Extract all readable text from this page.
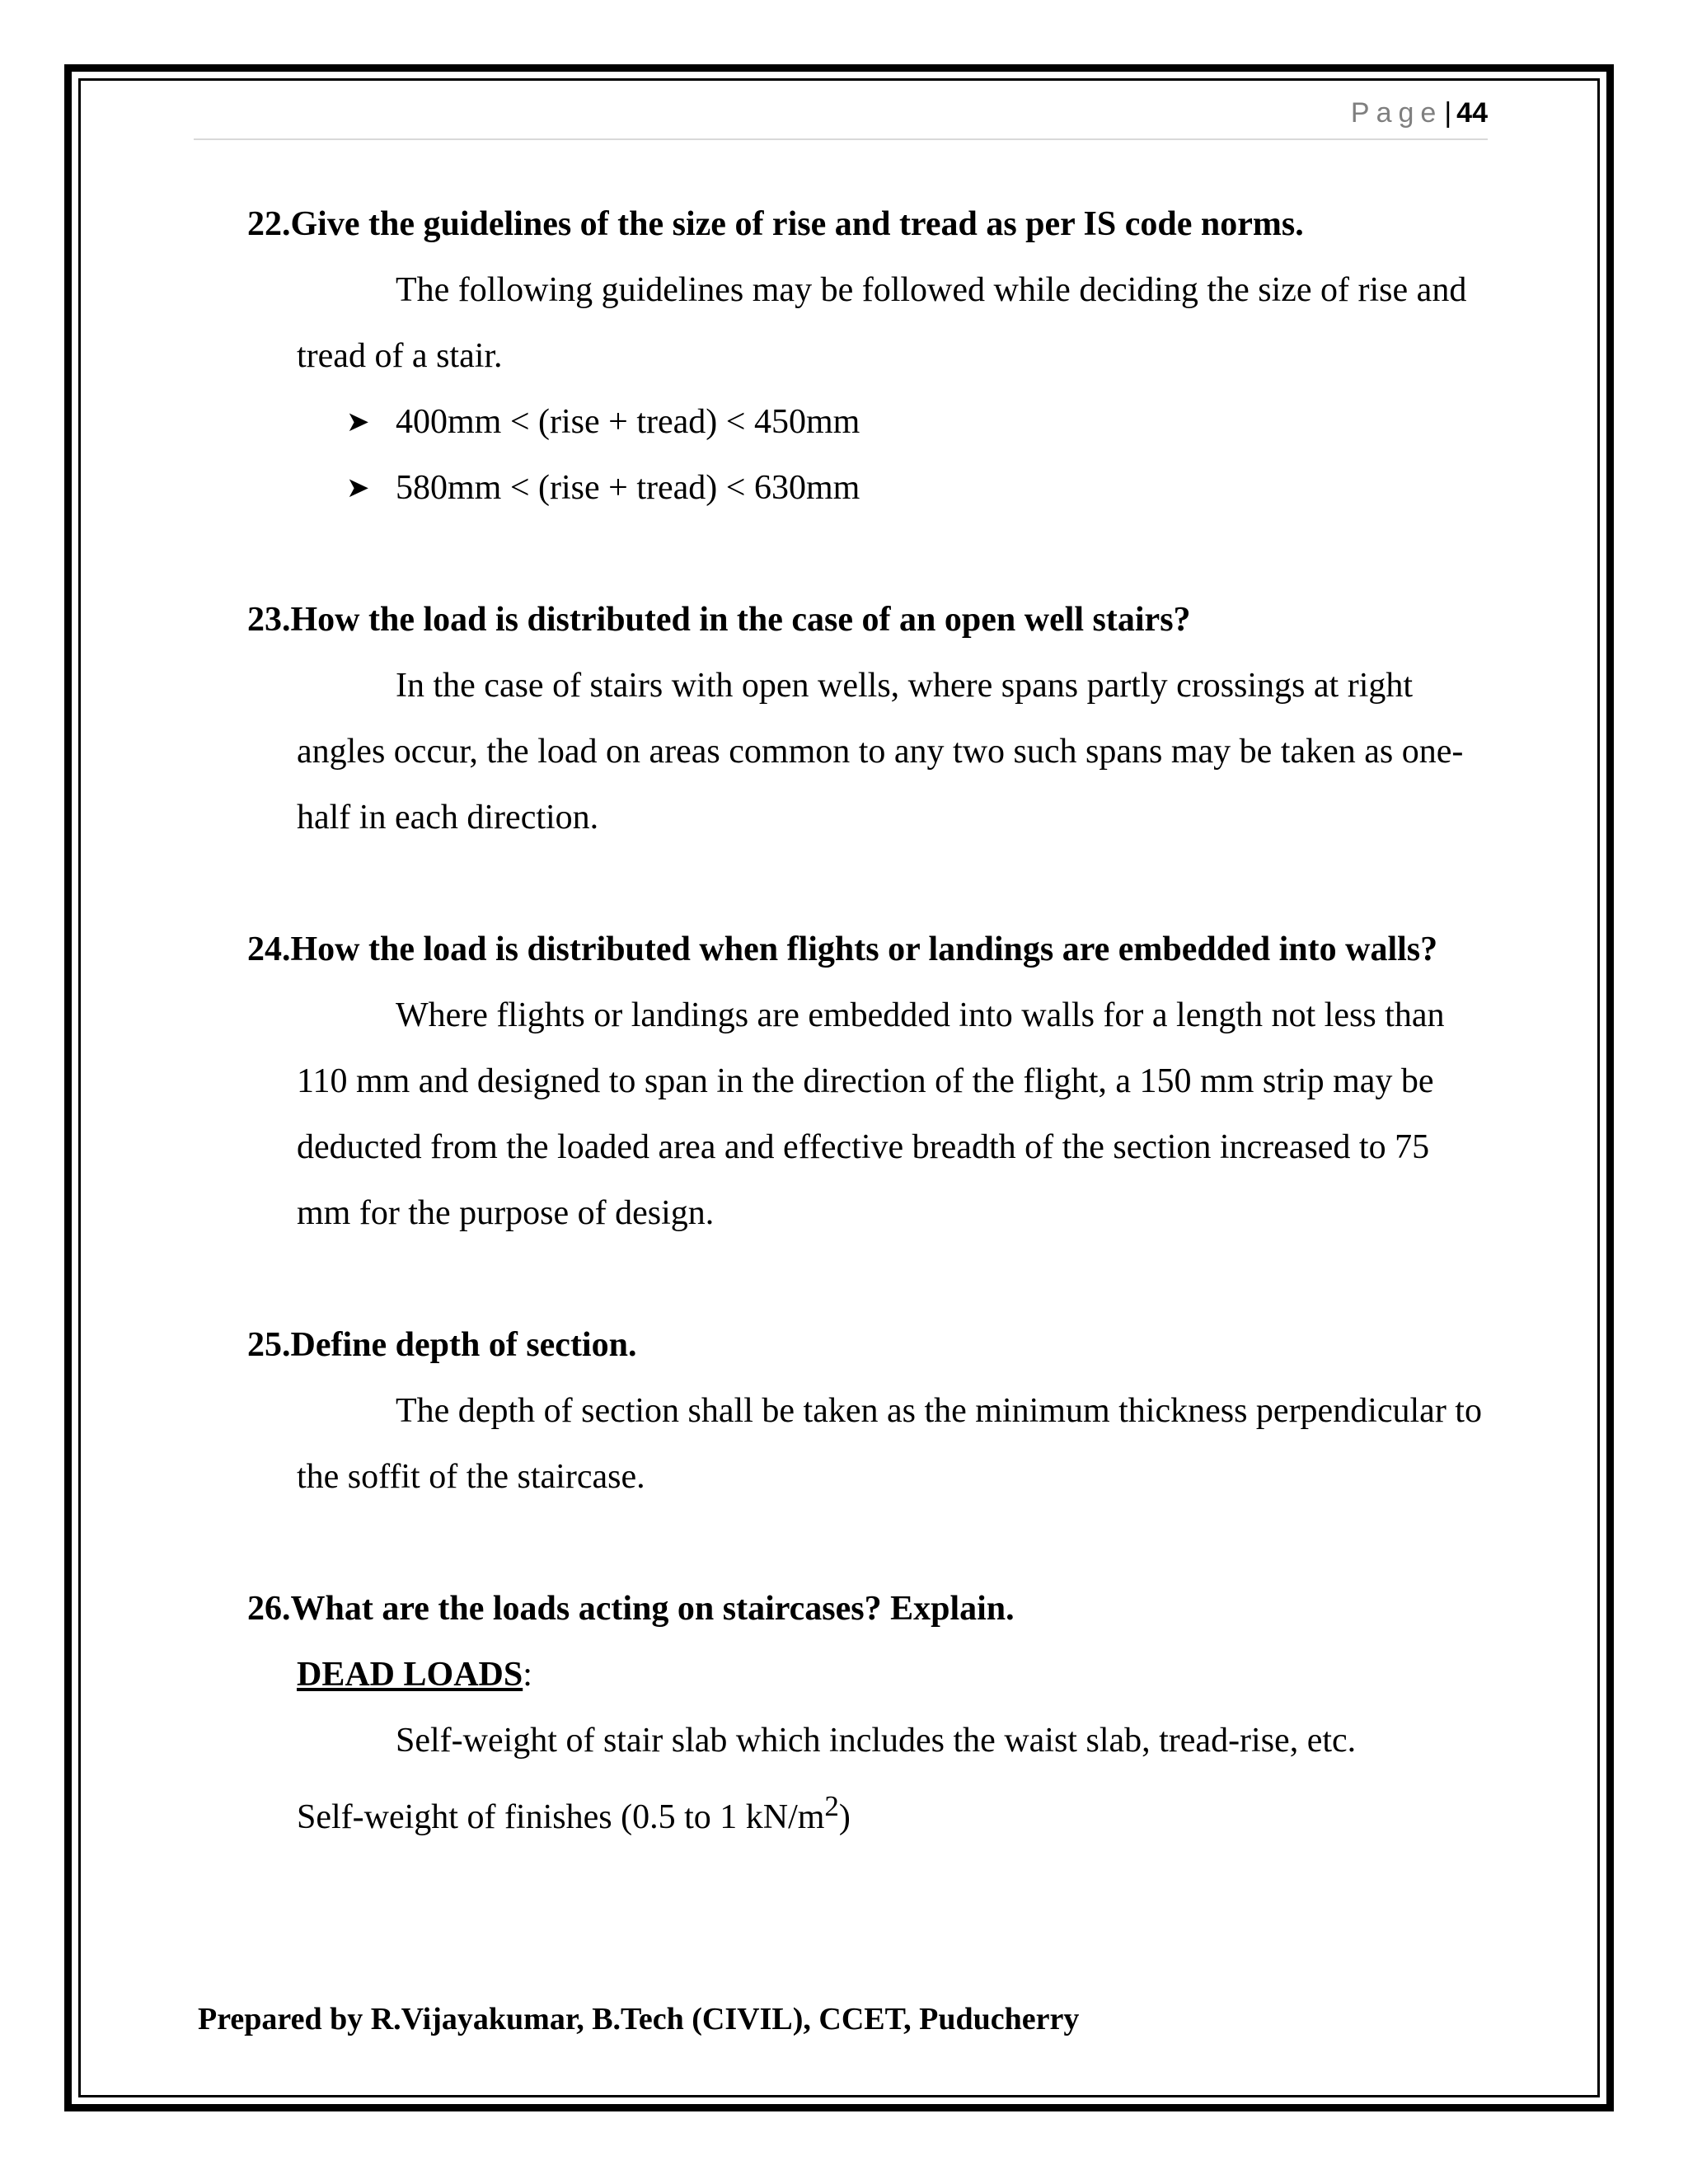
Page| 44

22. Give the guidelines of the size of rise and tread as per IS code norms.

The following guidelines may be followed while deciding the size of rise and tread of a stair.

➤ 400mm < (rise + tread) < 450mm
➤ 580mm < (rise + tread) < 630mm

23. How the load is distributed in the case of an open well stairs?

In the case of stairs with open wells, where spans partly crossings at right angles occur, the load on areas common to any two such spans may be taken as one-half in each direction.

24. How the load is distributed when flights or landings are embedded into walls?

Where flights or landings are embedded into walls for a length not less than 110 mm and designed to span in the direction of the flight, a 150 mm strip may be deducted from the loaded area and effective breadth of the section increased to 75 mm for the purpose of design.

25. Define depth of section.

The depth of section shall be taken as the minimum thickness perpendicular to the soffit of the staircase.

26. What are the loads acting on staircases? Explain.

DEAD LOADS:

Self-weight of stair slab which includes the waist slab, tread-rise, etc.

Self-weight of finishes (0.5 to 1 $kN/m^2$)

Prepared by R.Vijayakumar, B.Tech (CIVIL), CCET, Puducherry
